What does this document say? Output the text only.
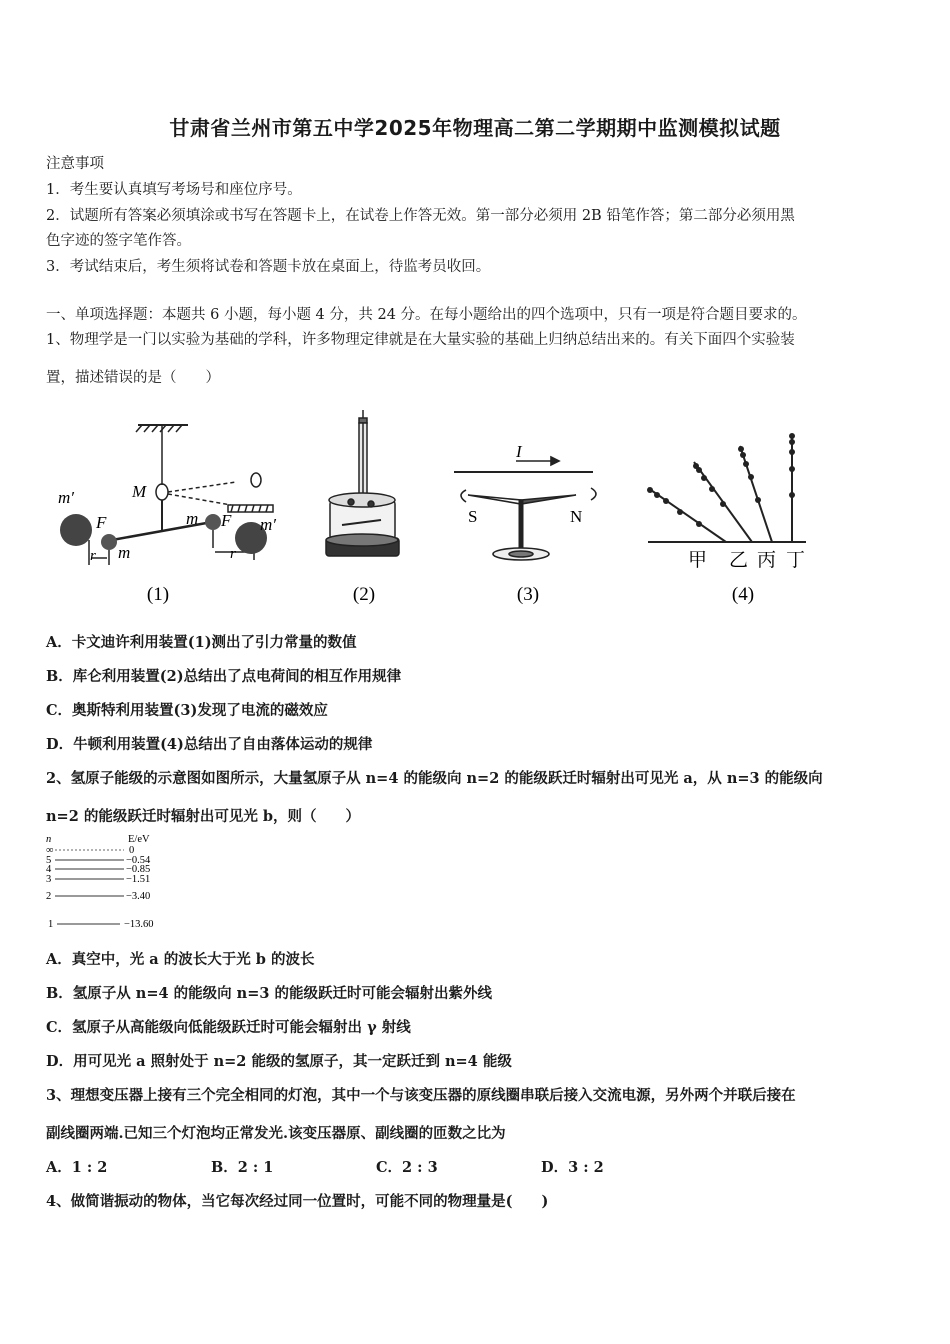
甘肃省兰州市第五中学2025年物理高二第二学期期中监测模拟试题
注意事项
1．考生要认真填写考场号和座位序号。
2．试题所有答案必须填涂或书写在答题卡上，在试卷上作答无效。第一部分必须用 2B 铅笔作答；第二部分必须用黑
色字迹的签字笔作答。
3．考试结束后，考生须将试卷和答题卡放在桌面上，待监考员收回。
一、单项选择题：本题共 6 小题，每小题 4 分，共 24 分。在每小题给出的四个选项中，只有一项是符合题目要求的。
1、物理学是一门以实验为基础的学科，许多物理定律就是在大量实验的基础上归纳总结出来的。有关下面四个实验装
置，描述错误的是（　　）
m′	M
F
m
r
m F m′
r
(1)	(2)
I
S	N
(3)
甲 乙 丙 丁
(4)
A．卡文迪许利用装置(1)测出了引力常量的数值
B．库仑利用装置(2)总结出了点电荷间的相互作用规律
C．奥斯特利用装置(3)发现了电流的磁效应
D．牛顿利用装置(4)总结出了自由落体运动的规律
2、氢原子能级的示意图如图所示，大量氢原子从 n=4 的能级向 n=2 的能级跃迁时辐射出可见光 a，从 n=3 的能级向
n=2 的能级跃迁时辐射出可见光 b，则（　　）
n	E/eV
∞	0
5	−0.54
4	−0.85
3	−1.51
2	−3.40
1	−13.60
A．真空中，光 a 的波长大于光 b 的波长
B．氢原子从 n=4 的能级向 n=3 的能级跃迁时可能会辐射出紫外线
C．氢原子从高能级向低能级跃迁时可能会辐射出 γ 射线
D．用可见光 a 照射处于 n=2 能级的氢原子，其一定跃迁到 n=4 能级
3、理想变压器上接有三个完全相同的灯泡，其中一个与该变压器的原线圈串联后接入交流电源，另外两个并联后接在
副线圈两端.已知三个灯泡均正常发光.该变压器原、副线圈的匝数之比为
A．1 : 2	B．2 : 1	C．2 : 3	D．3 : 2
4、做简谐振动的物体，当它每次经过同一位置时，可能不同的物理量是(　　)
